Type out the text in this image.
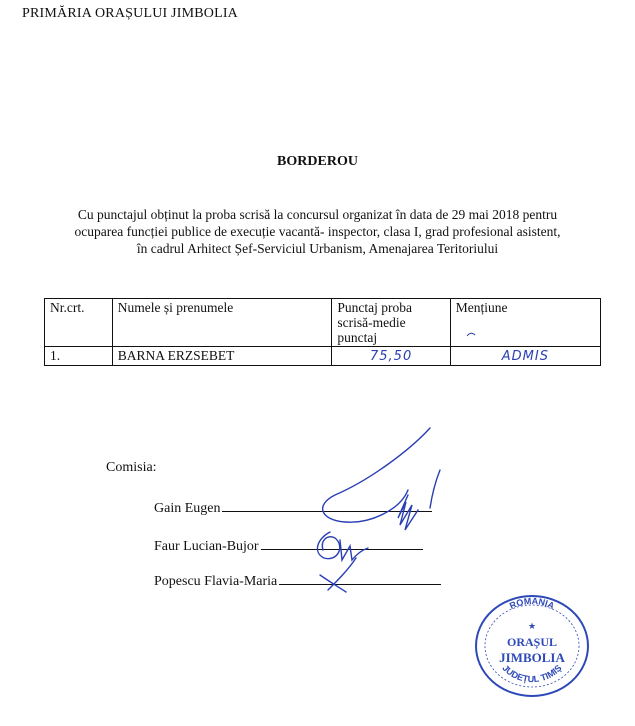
PRIMĂRIA ORAȘULUI JIMBOLIA
BORDEROU
Cu punctajul obținut la proba scrisă la concursul organizat în data de 29 mai 2018 pentru
ocuparea funcției publice de execuție vacantă- inspector, clasa I, grad profesional asistent,
în cadrul Arhitect Șef-Serviciul Urbanism, Amenajarea Teritoriului
Nr.crt.	Numele și prenumele	Punctaj proba scrisă-medie punctaj	Mențiune
1.	BARNA ERZSEBET	75,50	ADMIS
Comisia:
Gain Eugen
Faur Lucian-Bujor
Popescu Flavia-Maria
ROMÂNIA
★
ORAȘUL
JIMBOLIA
JUDEȚUL TIMIȘ
